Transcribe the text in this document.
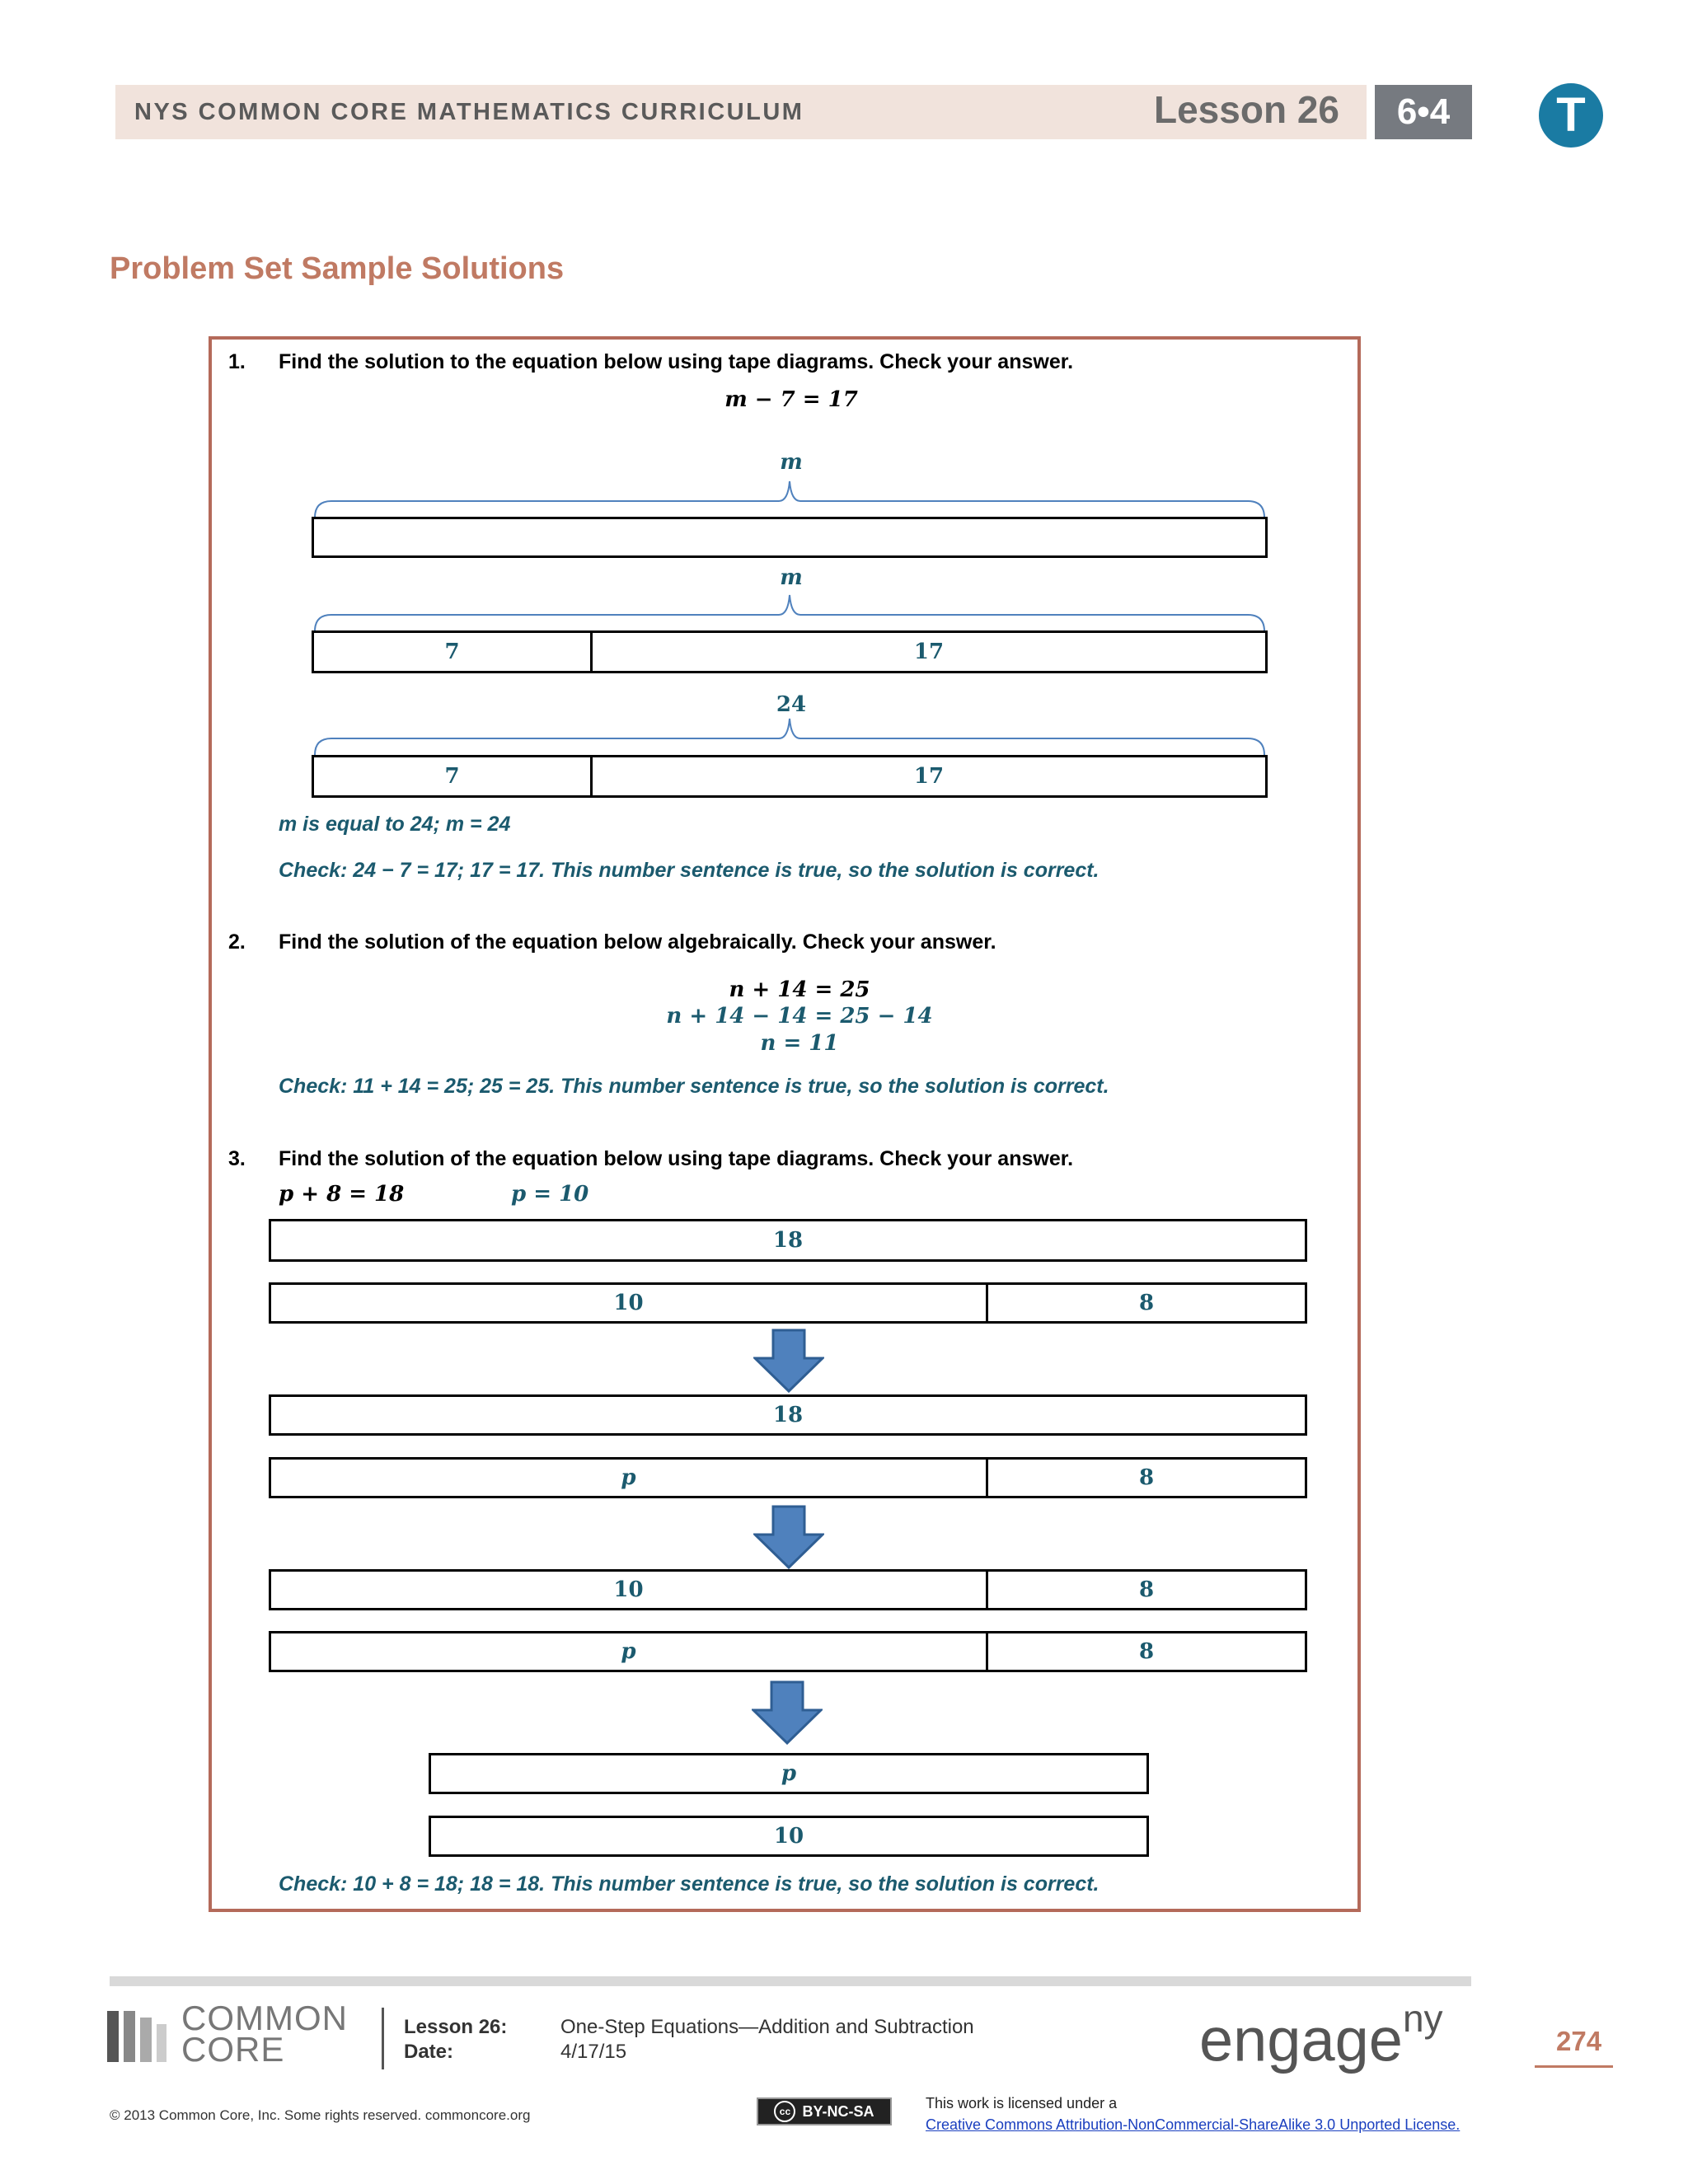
NYS COMMON CORE MATHEMATICS CURRICULUM	Lesson 26	6•4	T
Problem Set Sample Solutions
1. Find the solution to the equation below using tape diagrams. Check your answer.
m − 7 = 17
m
m
7	17
24
7	17
m is equal to 24; m = 24
Check: 24 − 7 = 17; 17 = 17. This number sentence is true, so the solution is correct.
2. Find the solution of the equation below algebraically. Check your answer.
n + 14 = 25
n + 14 − 14 = 25 − 14
n = 11
Check: 11 + 14 = 25; 25 = 25. This number sentence is true, so the solution is correct.
3. Find the solution of the equation below using tape diagrams. Check your answer.
p + 8 = 18	p = 10
18
10	8
18
p	8
10	8
p	8
p
10
Check: 10 + 8 = 18; 18 = 18. This number sentence is true, so the solution is correct.
COMMON
CORE
Lesson 26:
Date:
One-Step Equations—Addition and Subtraction
4/17/15	engage$^{ny}$
274
© 2013 Common Core, Inc. Some rights reserved. commoncore.org	cc BY-NC-SA	This work is licensed under a
Creative Commons Attribution-NonCommercial-ShareAlike 3.0 Unported License.
